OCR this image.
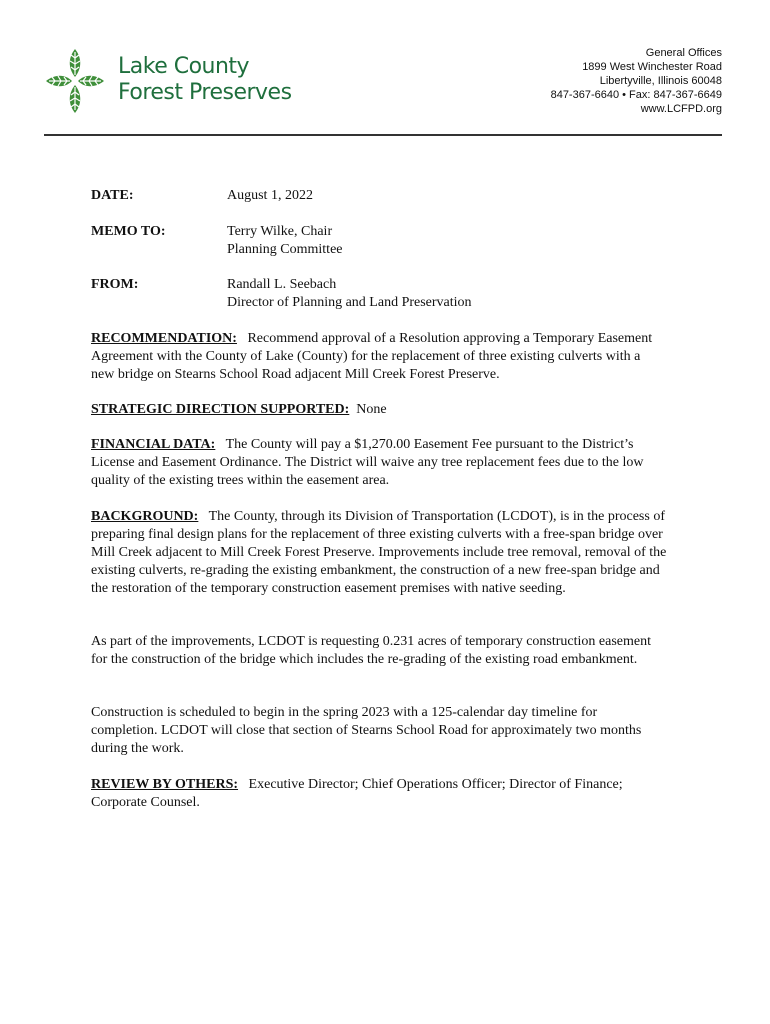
Lake County
Forest Preserves
General Offices
1899 West Winchester Road
Libertyville, Illinois 60048
847-367-6640 • Fax: 847-367-6649
www.LCFPD.org
DATE:	August 1, 2022
MEMO TO:	Terry Wilke, Chair
Planning Committee
FROM:	Randall L. Seebach
Director of Planning and Land Preservation
RECOMMENDATION: Recommend approval of a Resolution approving a Temporary Easement Agreement with the County of Lake (County) for the replacement of three existing culverts with a new bridge on Stearns School Road adjacent Mill Creek Forest Preserve.
STRATEGIC DIRECTION SUPPORTED: None
FINANCIAL DATA: The County will pay a $1,270.00 Easement Fee pursuant to the District’s License and Easement Ordinance. The District will waive any tree replacement fees due to the low quality of the existing trees within the easement area.
BACKGROUND: The County, through its Division of Transportation (LCDOT), is in the process of preparing final design plans for the replacement of three existing culverts with a free-span bridge over Mill Creek adjacent to Mill Creek Forest Preserve. Improvements include tree removal, removal of the existing culverts, re-grading the existing embankment, the construction of a new free-span bridge and the restoration of the temporary construction easement premises with native seeding.
As part of the improvements, LCDOT is requesting 0.231 acres of temporary construction easement for the construction of the bridge which includes the re-grading of the existing road embankment.
Construction is scheduled to begin in the spring 2023 with a 125-calendar day timeline for completion. LCDOT will close that section of Stearns School Road for approximately two months during the work.
REVIEW BY OTHERS: Executive Director; Chief Operations Officer; Director of Finance; Corporate Counsel.
